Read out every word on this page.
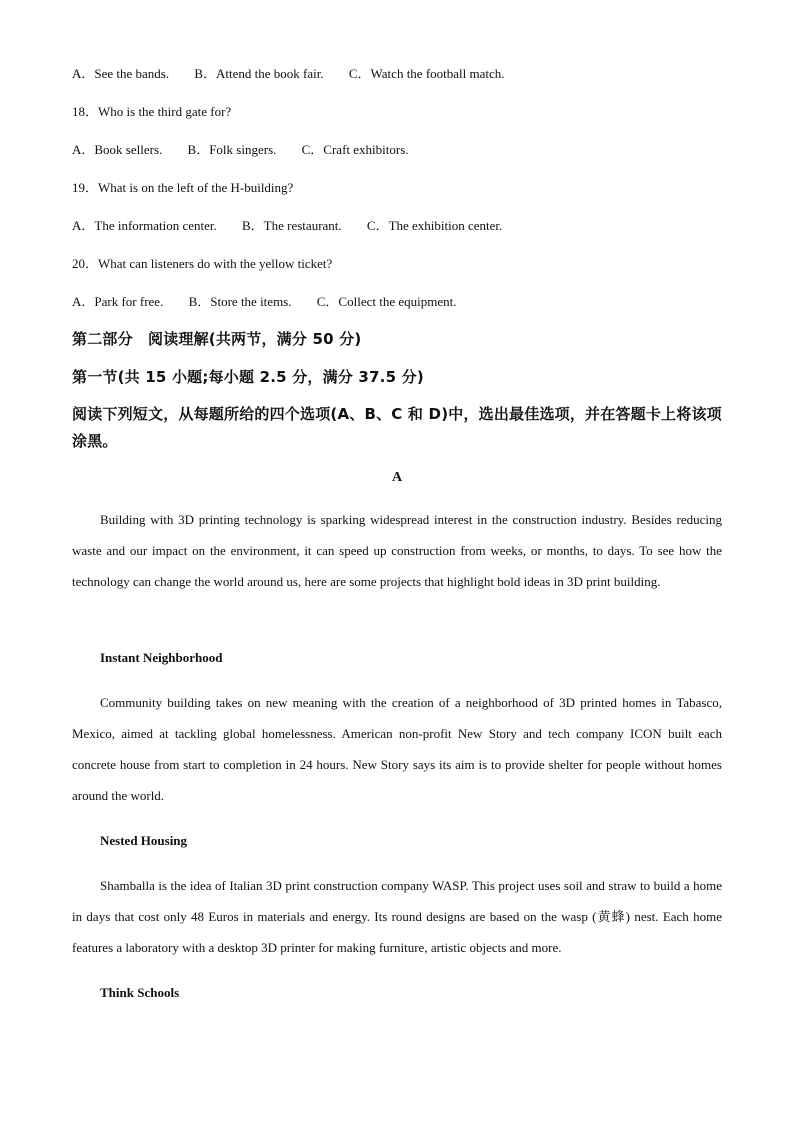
A．See the bands. B．Attend the book fair. C．Watch the football match.
18．Who is the third gate for?
A．Book sellers. B．Folk singers. C．Craft exhibitors.
19．What is on the left of the H-building?
A．The information center. B．The restaurant. C．The exhibition center.
20．What can listeners do with the yellow ticket?
A．Park for free. B．Store the items. C．Collect the equipment.
第二部分　阅读理解(共两节，满分 50 分)
第一节(共 15 小题;每小题 2.5 分，满分 37.5 分)
阅读下列短文，从每题所给的四个选项(A、B、C 和 D)中，选出最佳选项，并在答题卡上将该项涂黑。
A
Building with 3D printing technology is sparking widespread interest in the construction industry. Besides reducing waste and our impact on the environment, it can speed up construction from weeks, or months, to days. To see how the technology can change the world around us, here are some projects that highlight bold ideas in 3D print building.
Instant Neighborhood
Community building takes on new meaning with the creation of a neighborhood of 3D printed homes in Tabasco, Mexico, aimed at tackling global homelessness. American non-profit New Story and tech company ICON built each concrete house from start to completion in 24 hours. New Story says its aim is to provide shelter for people without homes around the world.
Nested Housing
Shamballa is the idea of Italian 3D print construction company WASP. This project uses soil and straw to build a home in days that cost only 48 Euros in materials and energy. Its round designs are based on the wasp (黄蜂) nest. Each home features a laboratory with a desktop 3D printer for making furniture, artistic objects and more.
Think Schools
